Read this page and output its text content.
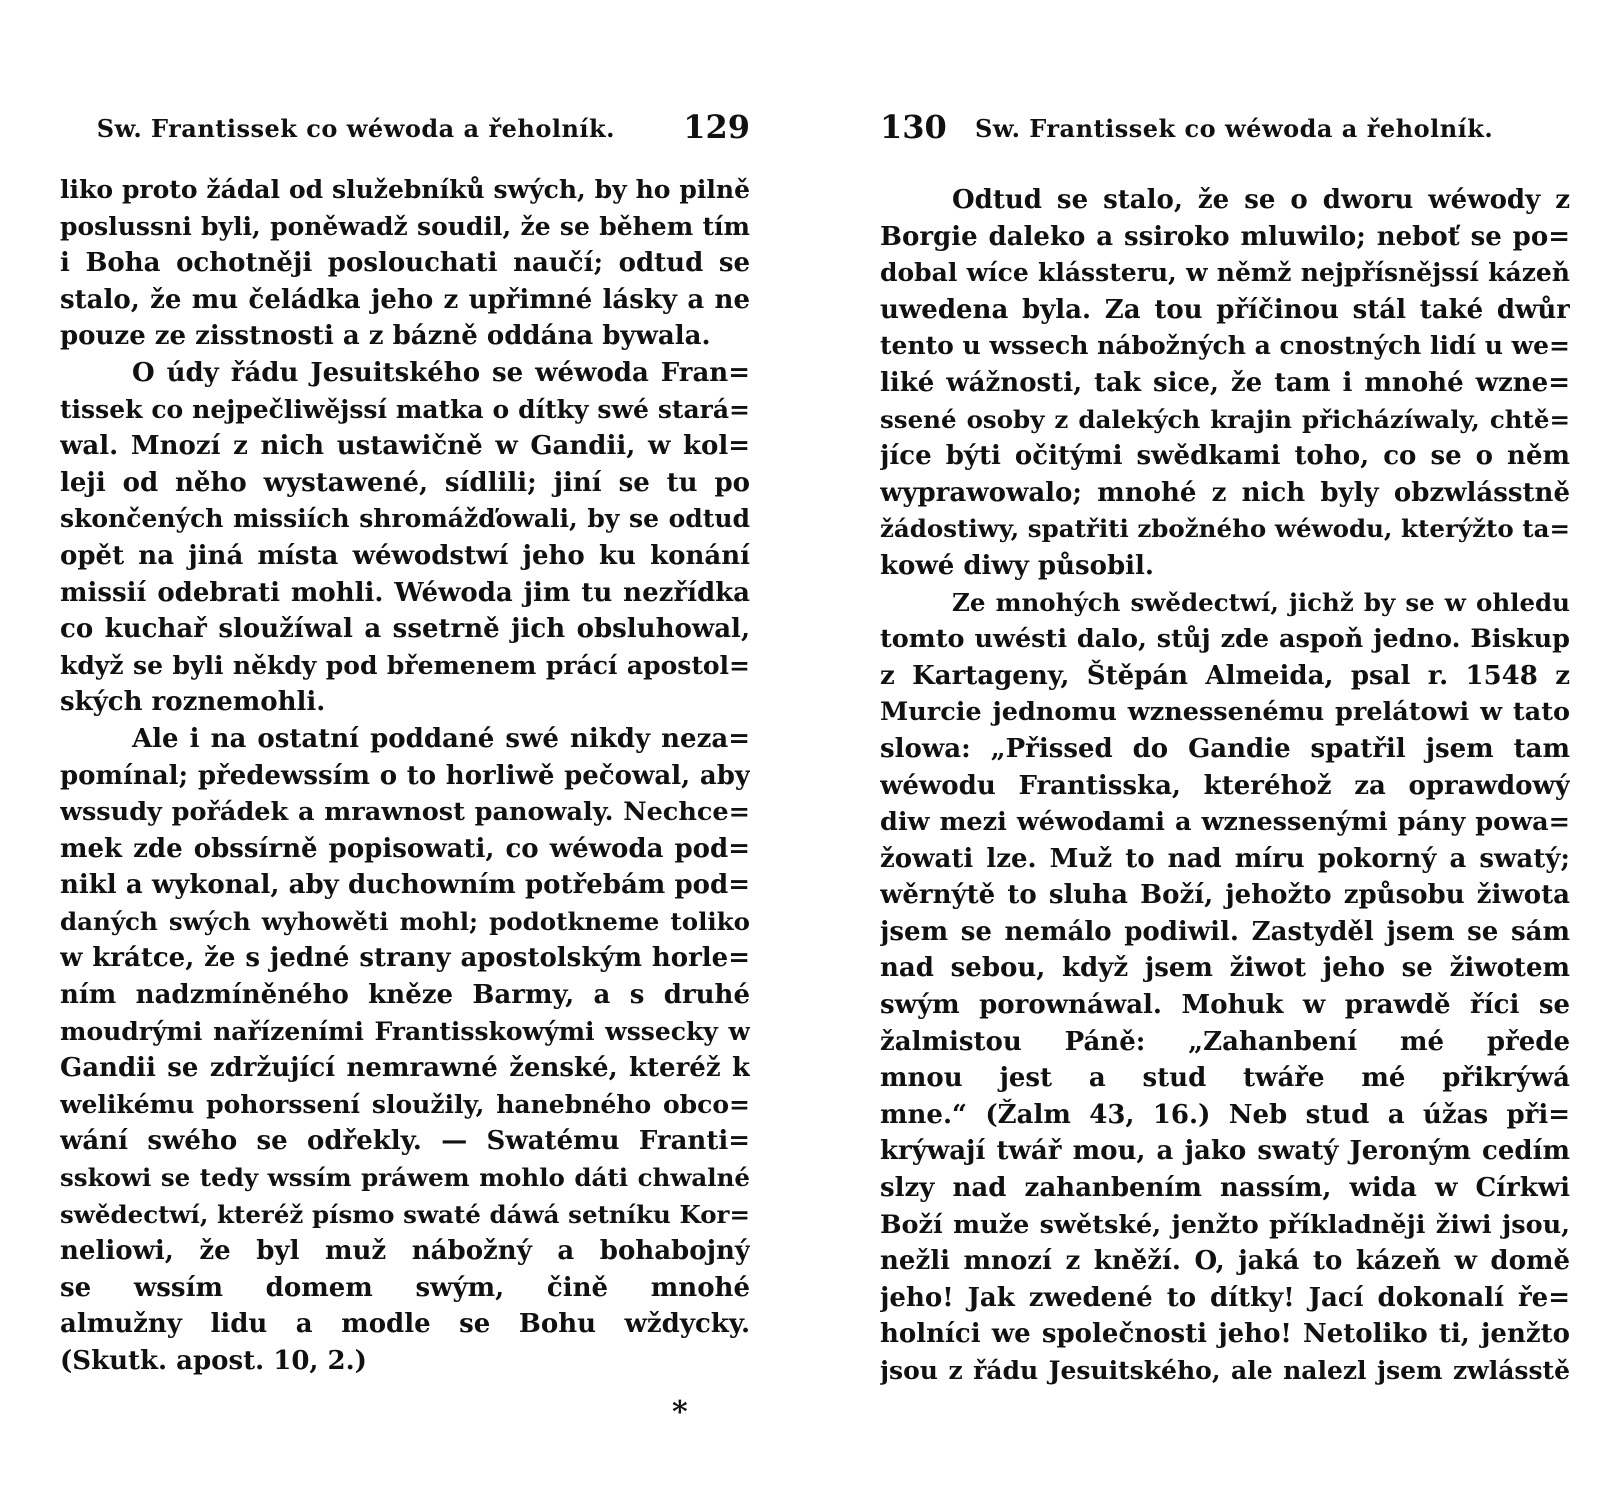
Sw. Frantissek co wéwoda a řeholník. 129
liko proto žádal od služebníků swých, by ho pilně
poslussni byli, poněwadž soudil, že se během tím
i Boha ochotněji poslouchati naučí; odtud se
stalo, že mu čeládka jeho z upřimné lásky a ne
pouze ze zisstnosti a z bázně oddána bywala.
O údy řádu Jesuitského se wéwoda Fran=
tissek co nejpečliwějssí matka o dítky swé stará=
wal. Mnozí z nich ustawičně w Gandii, w kol=
leji od něho wystawené, sídlili; jiní se tu po
skončených missiích shromážďowali, by se odtud
opět na jiná místa wéwodstwí jeho ku konání
missií odebrati mohli. Wéwoda jim tu nezřídka
co kuchař sloužíwal a ssetrně jich obsluhowal,
když se byli někdy pod břemenem prácí apostol=
ských roznemohli.
Ale i na ostatní poddané swé nikdy neza=
pomínal; předewssím o to horliwě pečowal, aby
wssudy pořádek a mrawnost panowaly. Nechce=
mek zde obssírně popisowati, co wéwoda pod=
nikl a wykonal, aby duchowním potřebám pod=
daných swých wyhowěti mohl; podotkneme toliko
w krátce, že s jedné strany apostolským horle=
ním nadzmíněného kněze Barmy, a s druhé
moudrými nařízeními Frantisskowými wssecky w
Gandii se zdržující nemrawné ženské, kteréž k
welikému pohorssení sloužily, hanebného obco=
wání swého se odřekly. — Swatému Franti=
sskowi se tedy wssím práwem mohlo dáti chwalné
swědectwí, kteréž písmo swaté dáwá setníku Kor=
neliowi, že byl muž nábožný a bohabojný
se wssím domem swým, čině mnohé
almužny lidu a modle se Bohu wždycky.
(Skutk. apost. 10, 2.)
*
130 Sw. Frantissek co wéwoda a řeholník.
Odtud se stalo, že se o dworu wéwody z
Borgie daleko a ssiroko mluwilo; neboť se po=
dobal wíce klássteru, w němž nejpřísnějssí kázeň
uwedena byla. Za tou příčinou stál také dwůr
tento u wssech nábožných a cnostných lidí u we=
liké wážnosti, tak sice, že tam i mnohé wzne=
ssené osoby z dalekých krajin přicházíwaly, chtě=
jíce býti očitými swědkami toho, co se o něm
wyprawowalo; mnohé z nich byly obzwlásstně
žádostiwy, spatřiti zbožného wéwodu, kterýžto ta=
kowé diwy působil.
Ze mnohých swědectwí, jichž by se w ohledu
tomto uwésti dalo, stůj zde aspoň jedno. Biskup
z Kartageny, Štěpán Almeida, psal r. 1548 z
Murcie jednomu wznessenému prelátowi w tato
slowa: „Přissed do Gandie spatřil jsem tam
wéwodu Frantisska, kteréhož za oprawdowý
diw mezi wéwodami a wznessenými pány powa=
žowati lze. Muž to nad míru pokorný a swatý;
wěrnýtě to sluha Boží, jehožto způsobu žiwota
jsem se nemálo podiwil. Zastyděl jsem se sám
nad sebou, když jsem žiwot jeho se žiwotem
swým porownáwal. Mohuk w prawdě říci se
žalmistou Páně: „Zahanbení mé přede
mnou jest a stud twáře mé přikrýwá
mne.“ (Žalm 43, 16.) Neb stud a úžas při=
krýwají twář mou, a jako swatý Jeroným cedím
slzy nad zahanbením nassím, wida w Církwi
Boží muže swětské, jenžto příkladněji žiwi jsou,
nežli mnozí z kněží. O, jaká to kázeň w domě
jeho! Jak zwedené to dítky! Jací dokonalí ře=
holníci we společnosti jeho! Netoliko ti, jenžto
jsou z řádu Jesuitského, ale nalezl jsem zwlásstě
